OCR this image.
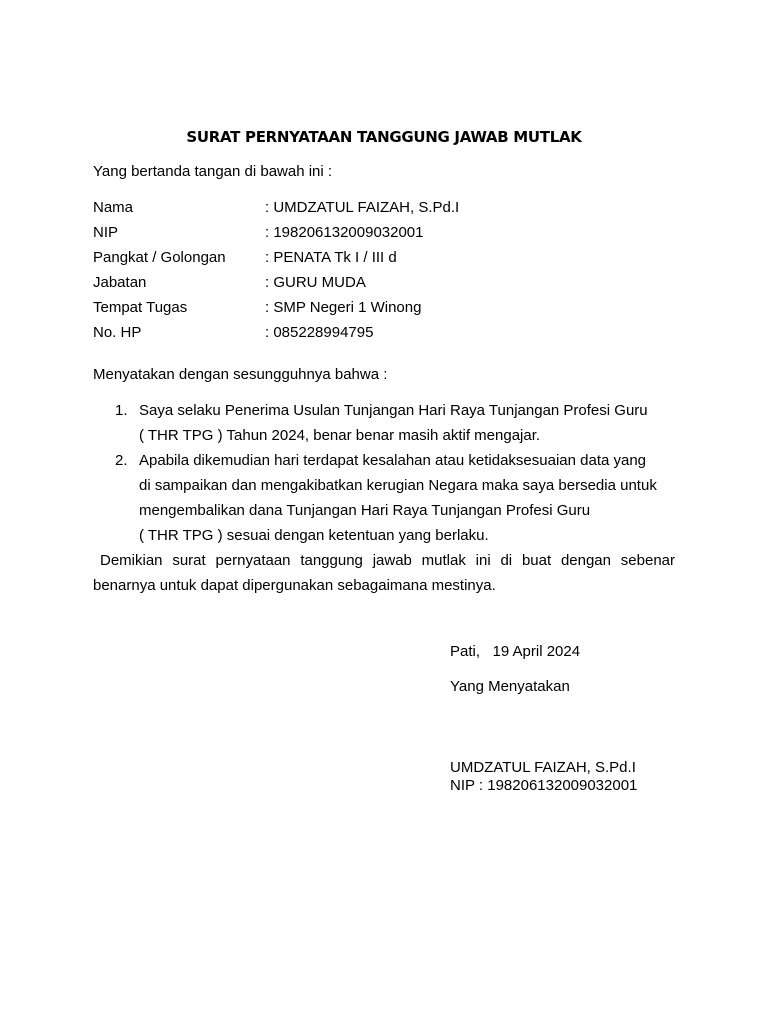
SURAT PERNYATAAN TANGGUNG JAWAB MUTLAK
Yang bertanda tangan di bawah ini :
Nama	: UMDZATUL FAIZAH, S.Pd.I
NIP	: 198206132009032001
Pangkat / Golongan	: PENATA Tk I / III d
Jabatan	: GURU MUDA
Tempat Tugas	: SMP Negeri 1 Winong
No. HP	: 085228994795
Menyatakan dengan sesungguhnya bahwa :
1. Saya selaku Penerima Usulan Tunjangan Hari Raya Tunjangan Profesi Guru

( THR TPG ) Tahun 2024, benar benar masih aktif mengajar.

2. Apabila dikemudian hari terdapat kesalahan atau ketidaksesuaian data yang

di sampaikan dan mengakibatkan kerugian Negara maka saya bersedia untuk

mengembalikan dana Tunjangan Hari Raya Tunjangan Profesi Guru

( THR TPG ) sesuai dengan ketentuan yang berlaku.

Demikian surat pernyataan tanggung jawab mutlak ini di buat dengan sebenar benarnya untuk dapat dipergunakan sebagaimana mestinya.
Pati,   19 April 2024
Yang Menyatakan
UMDZATUL FAIZAH, S.Pd.I
NIP : 198206132009032001
